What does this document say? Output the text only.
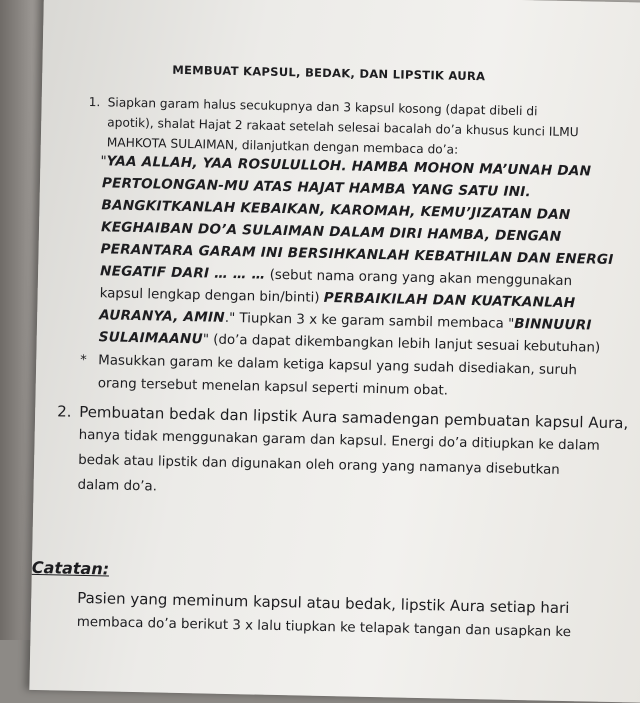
MEMBUAT KAPSUL, BEDAK, DAN LIPSTIK AURA
1. Siapkan garam halus secukupnya dan 3 kapsul kosong (dapat dibeli di
apotik), shalat Hajat 2 rakaat setelah selesai bacalah do’a khusus kunci ILMU
MAHKOTA SULAIMAN, dilanjutkan dengan membaca do’a:
"YAA ALLAH, YAA ROSULULLOH. HAMBA MOHON MA’UNAH DAN
PERTOLONGAN-MU ATAS HAJAT HAMBA YANG SATU INI.
BANGKITKANLAH KEBAIKAN, KAROMAH, KEMU’JIZATAN DAN
KEGHAIBAN DO’A SULAIMAN DALAM DIRI HAMBA, DENGAN
PERANTARA GARAM INI BERSIHKANLAH KEBATHILAN DAN ENERGI
NEGATIF DARI … … … (sebut nama orang yang akan menggunakan
kapsul lengkap dengan bin/binti) PERBAIKILAH DAN KUATKANLAH
AURANYA, AMIN." Tiupkan 3 x ke garam sambil membaca "BINNUURI
SULAIMAANU" (do’a dapat dikembangkan lebih lanjut sesuai kebutuhan)
* Masukkan garam ke dalam ketiga kapsul yang sudah disediakan, suruh
orang tersebut menelan kapsul seperti minum obat.
2. Pembuatan bedak dan lipstik Aura samadengan pembuatan kapsul Aura,
hanya tidak menggunakan garam dan kapsul. Energi do’a ditiupkan ke dalam
bedak atau lipstik dan digunakan oleh orang yang namanya disebutkan
dalam do’a.
Catatan:
Pasien yang meminum kapsul atau bedak, lipstik Aura setiap hari
membaca do’a berikut 3 x lalu tiupkan ke telapak tangan dan usapkan ke
